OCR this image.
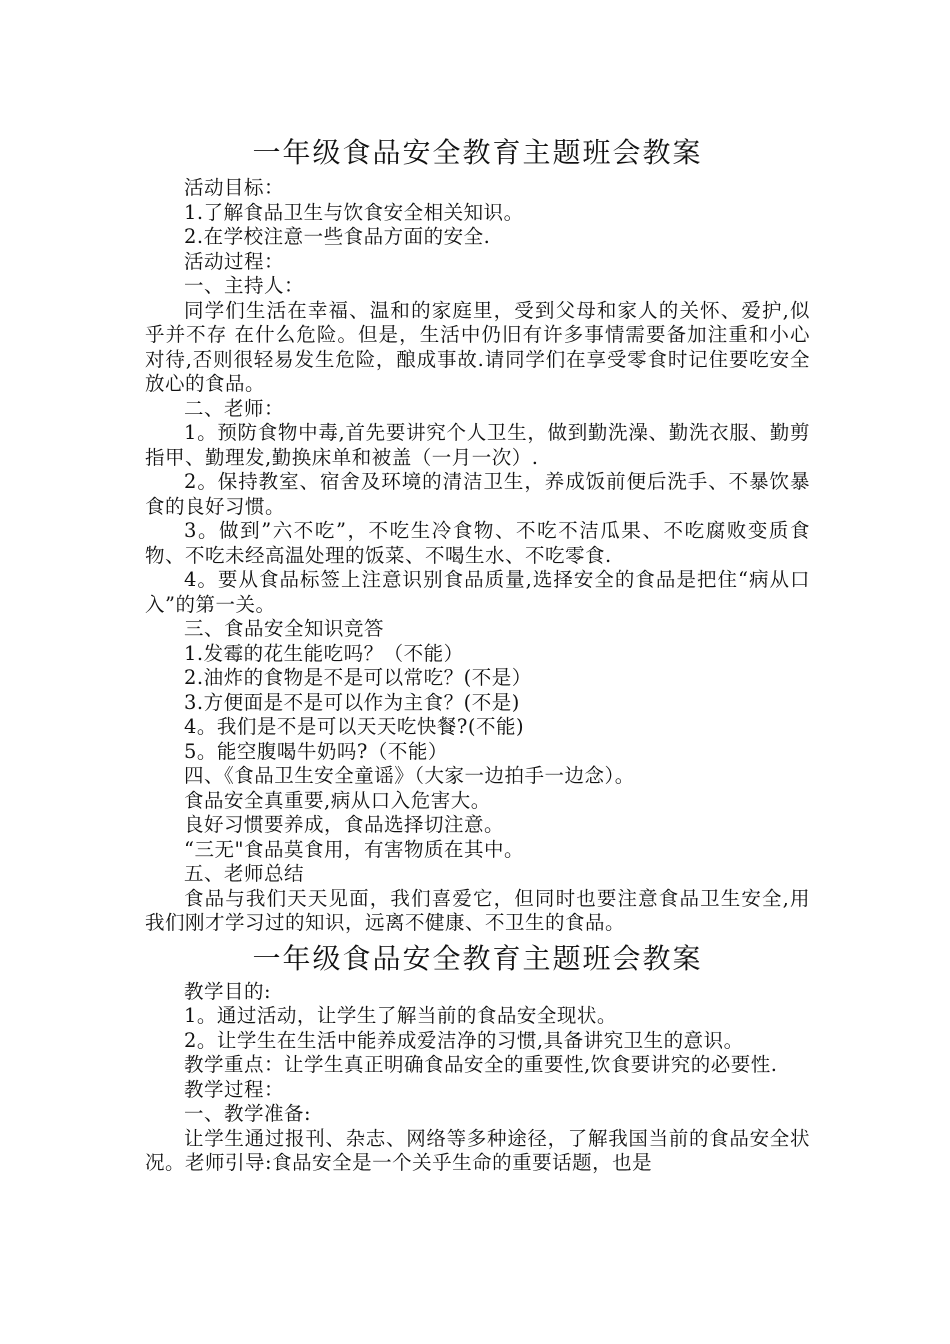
一年级食品安全教育主题班会教案

活动目标：

1.了解食品卫生与饮食安全相关知识。

2.在学校注意一些食品方面的安全.

活动过程：

一、主持人：

同学们生活在幸福、温和的家庭里，受到父母和家人的关怀、爱护,似乎并不存 在什么危险。但是，生活中仍旧有许多事情需要备加注重和小心对待,否则很轻易发生危险，酿成事故.请同学们在享受零食时记住要吃安全放心的食品。

二、老师：

1。预防食物中毒,首先要讲究个人卫生，做到勤洗澡、勤洗衣服、勤剪指甲、勤理发,勤换床单和被盖（一月一次）.

2。保持教室、宿舍及环境的清洁卫生，养成饭前便后洗手、不暴饮暴食的良好习惯。

3。做到”六不吃”，不吃生冷食物、不吃不洁瓜果、不吃腐败变质食物、不吃未经高温处理的饭菜、不喝生水、不吃零食.

4。要从食品标签上注意识别食品质量,选择安全的食品是把住“病从口入”的第一关。

三、食品安全知识竞答

1.发霉的花生能吃吗？（不能）

2.油炸的食物是不是可以常吃？(不是）

3.方便面是不是可以作为主食？(不是)

4。我们是不是可以天天吃快餐?(不能)

5。能空腹喝牛奶吗?（不能）

四、《食品卫生安全童谣》（大家一边拍手一边念）。

食品安全真重要,病从口入危害大。

良好习惯要养成，食品选择切注意。

“三无"食品莫食用，有害物质在其中。

五、老师总结

食品与我们天天见面，我们喜爱它，但同时也要注意食品卫生安全,用我们刚才学习过的知识，远离不健康、不卫生的食品。

一年级食品安全教育主题班会教案

教学目的:

1。通过活动，让学生了解当前的食品安全现状。

2。让学生在生活中能养成爱洁净的习惯,具备讲究卫生的意识。

教学重点：让学生真正明确食品安全的重要性,饮食要讲究的必要性.

教学过程：

一、教学准备:

让学生通过报刊、杂志、网络等多种途径，了解我国当前的食品安全状况。老师引导:食品安全是一个关乎生命的重要话题，也是
